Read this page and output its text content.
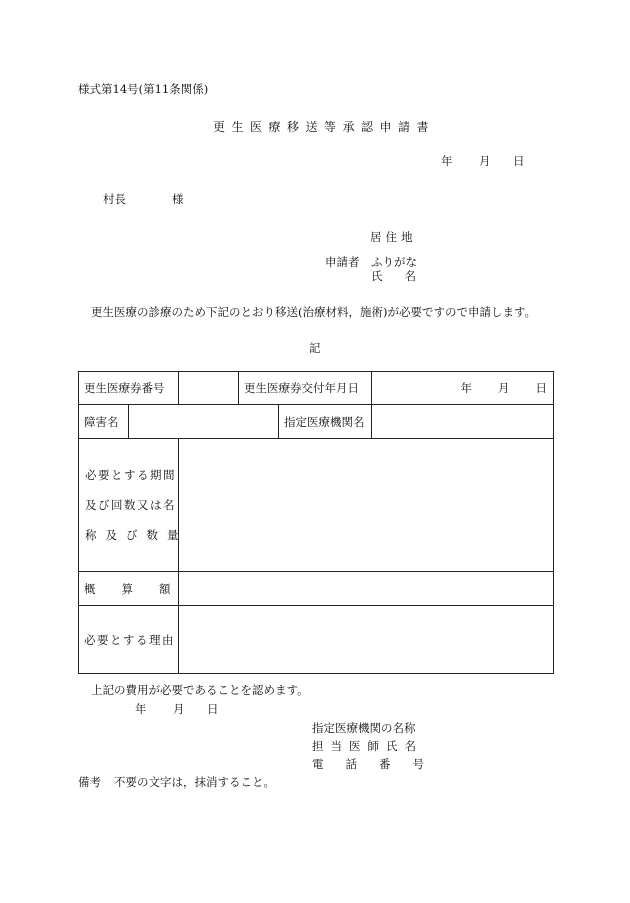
様式第14号(第11条関係)
更生医療移送等承認申請書
年 月 日
村長	様
居住地
申請者 ふりがな
氏名
更生医療の診療のため下記のとおり移送(治療材料，施術)が必要ですので申請します。
記
更生医療券番号			更生医療券交付年月日		年 月 日
障害名				指定医療機関名	

必要とする期間
及び回数又は名
称及び数量					

概算額					
必要とする理由					
上記の費用が必要であることを認めます。
年 月 日
指定医療機関の名称
担当医師氏名
電話番号
備考 不要の文字は，抹消すること。
